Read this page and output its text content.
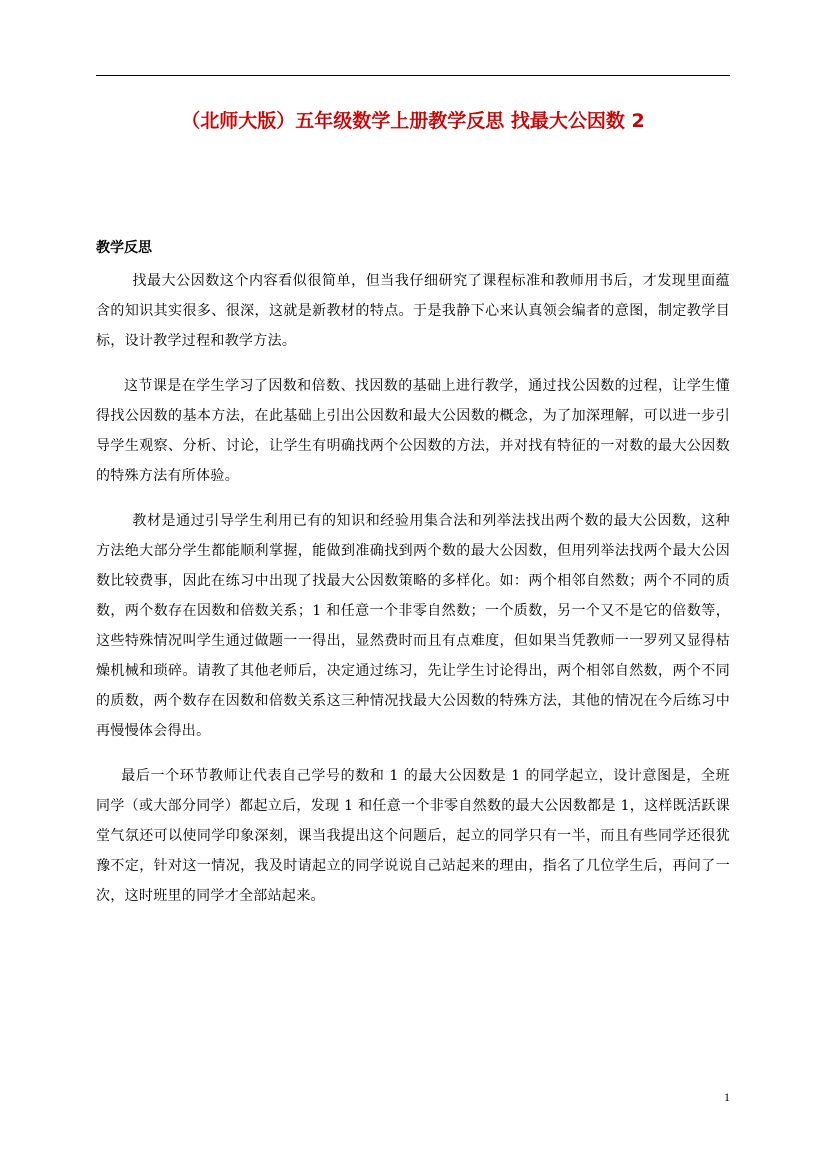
（北师大版）五年级数学上册教学反思 找最大公因数 2
教学反思

找最大公因数这个内容看似很简单，但当我仔细研究了课程标准和教师用书后，才发现里面蕴含的知识其实很多、很深，这就是新教材的特点。于是我静下心来认真领会编者的意图，制定教学目标，设计教学过程和教学方法。

这节课是在学生学习了因数和倍数、找因数的基础上进行教学，通过找公因数的过程，让学生懂得找公因数的基本方法，在此基础上引出公因数和最大公因数的概念，为了加深理解，可以进一步引导学生观察、分析、讨论，让学生有明确找两个公因数的方法，并对找有特征的一对数的最大公因数的特殊方法有所体验。

教材是通过引导学生利用已有的知识和经验用集合法和列举法找出两个数的最大公因数，这种方法绝大部分学生都能顺利掌握，能做到准确找到两个数的最大公因数，但用列举法找两个最大公因数比较费事，因此在练习中出现了找最大公因数策略的多样化。如：两个相邻自然数；两个不同的质数，两个数存在因数和倍数关系；1 和任意一个非零自然数；一个质数，另一个又不是它的倍数等，这些特殊情况叫学生通过做题一一得出，显然费时而且有点难度，但如果当凭教师一一罗列又显得枯燥机械和琐碎。请教了其他老师后，决定通过练习，先让学生讨论得出，两个相邻自然数，两个不同的质数，两个数存在因数和倍数关系这三种情况找最大公因数的特殊方法，其他的情况在今后练习中再慢慢体会得出。

最后一个环节教师让代表自己学号的数和 1 的最大公因数是 1 的同学起立，设计意图是，全班同学（或大部分同学）都起立后，发现 1 和任意一个非零自然数的最大公因数都是 1，这样既活跃课堂气氛还可以使同学印象深刻，课当我提出这个问题后，起立的同学只有一半，而且有些同学还很犹豫不定，针对这一情况，我及时请起立的同学说说自己站起来的理由，指名了几位学生后，再问了一次，这时班里的同学才全部站起来。

1
